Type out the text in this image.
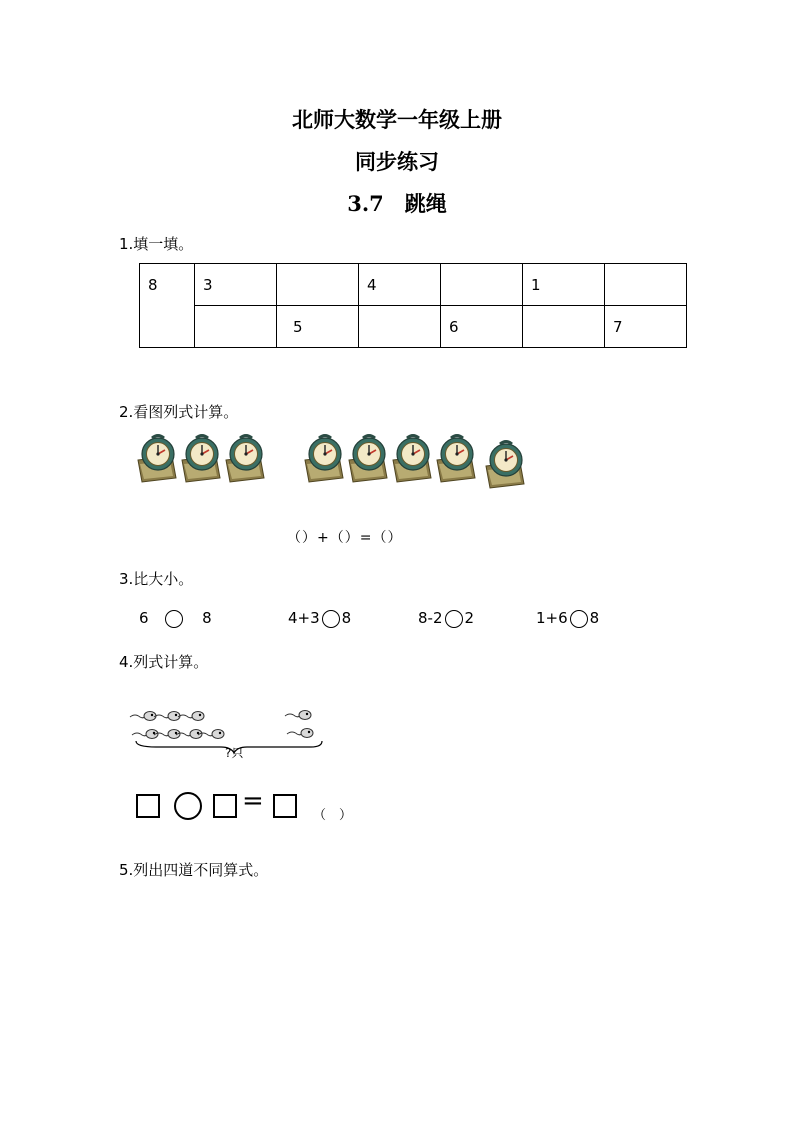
北师大数学一年级上册
同步练习
3.7　跳绳
1.填一填。
8	3		4		1	
		5		6		7
2.看图列式计算。
（）+（）=（）
3.比大小。
6	8	4+3 8	8-2 2	1+6 8
4.列式计算。
?只
=	（　）
5.列出四道不同算式。
